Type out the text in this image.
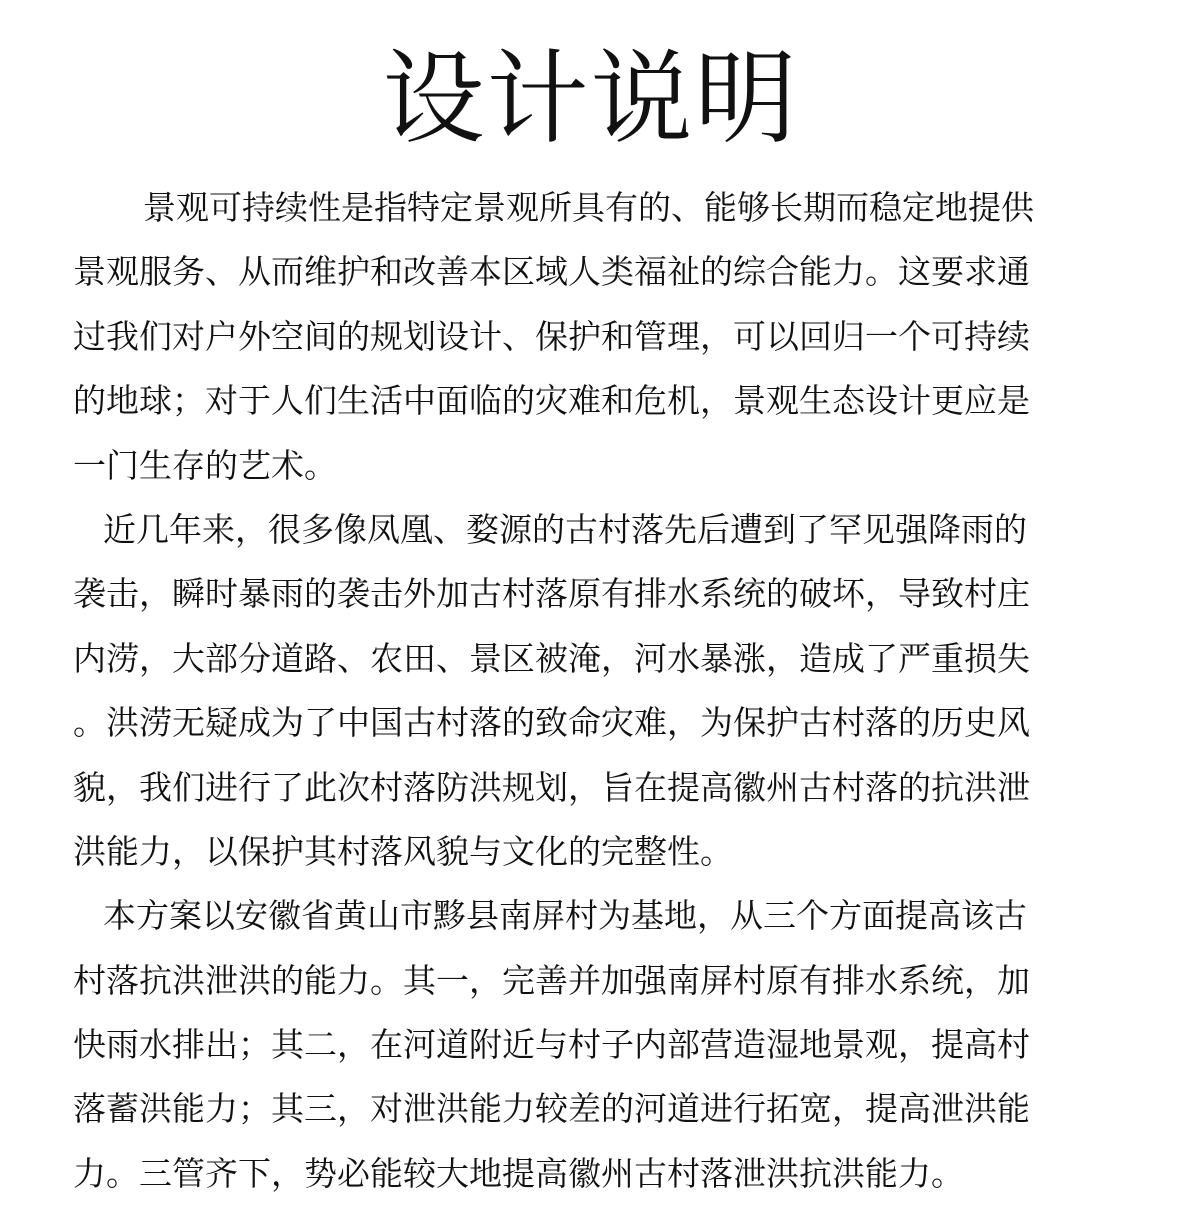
设计说明
景观可持续性是指特定景观所具有的、能够长期而稳定地提供
景观服务、从而维护和改善本区域人类福祉的综合能力。这要求通
过我们对户外空间的规划设计、保护和管理，可以回归一个可持续
的地球；对于人们生活中面临的灾难和危机，景观生态设计更应是
一门生存的艺术。
近几年来，很多像凤凰、婺源的古村落先后遭到了罕见强降雨的
袭击，瞬时暴雨的袭击外加古村落原有排水系统的破坏，导致村庄
内涝，大部分道路、农田、景区被淹，河水暴涨，造成了严重损失
。洪涝无疑成为了中国古村落的致命灾难，为保护古村落的历史风
貌，我们进行了此次村落防洪规划，旨在提高徽州古村落的抗洪泄
洪能力，以保护其村落风貌与文化的完整性。
本方案以安徽省黄山市黟县南屏村为基地，从三个方面提高该古
村落抗洪泄洪的能力。其一，完善并加强南屏村原有排水系统，加
快雨水排出；其二，在河道附近与村子内部营造湿地景观，提高村
落蓄洪能力；其三，对泄洪能力较差的河道进行拓宽，提高泄洪能
力。三管齐下，势必能较大地提高徽州古村落泄洪抗洪能力。
